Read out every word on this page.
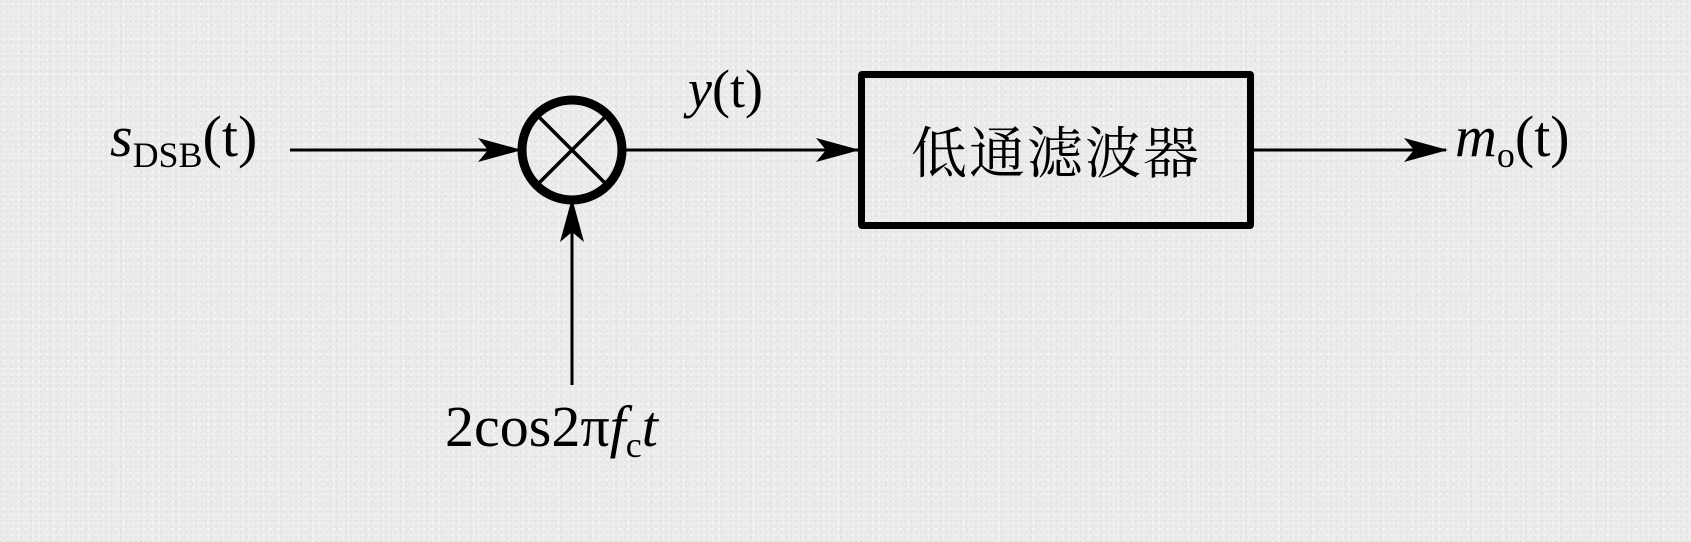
低通滤波器
$s_{DSB}(t)$
y(t)
$m_o(t)$
$2\cos 2\pi f_ct$
